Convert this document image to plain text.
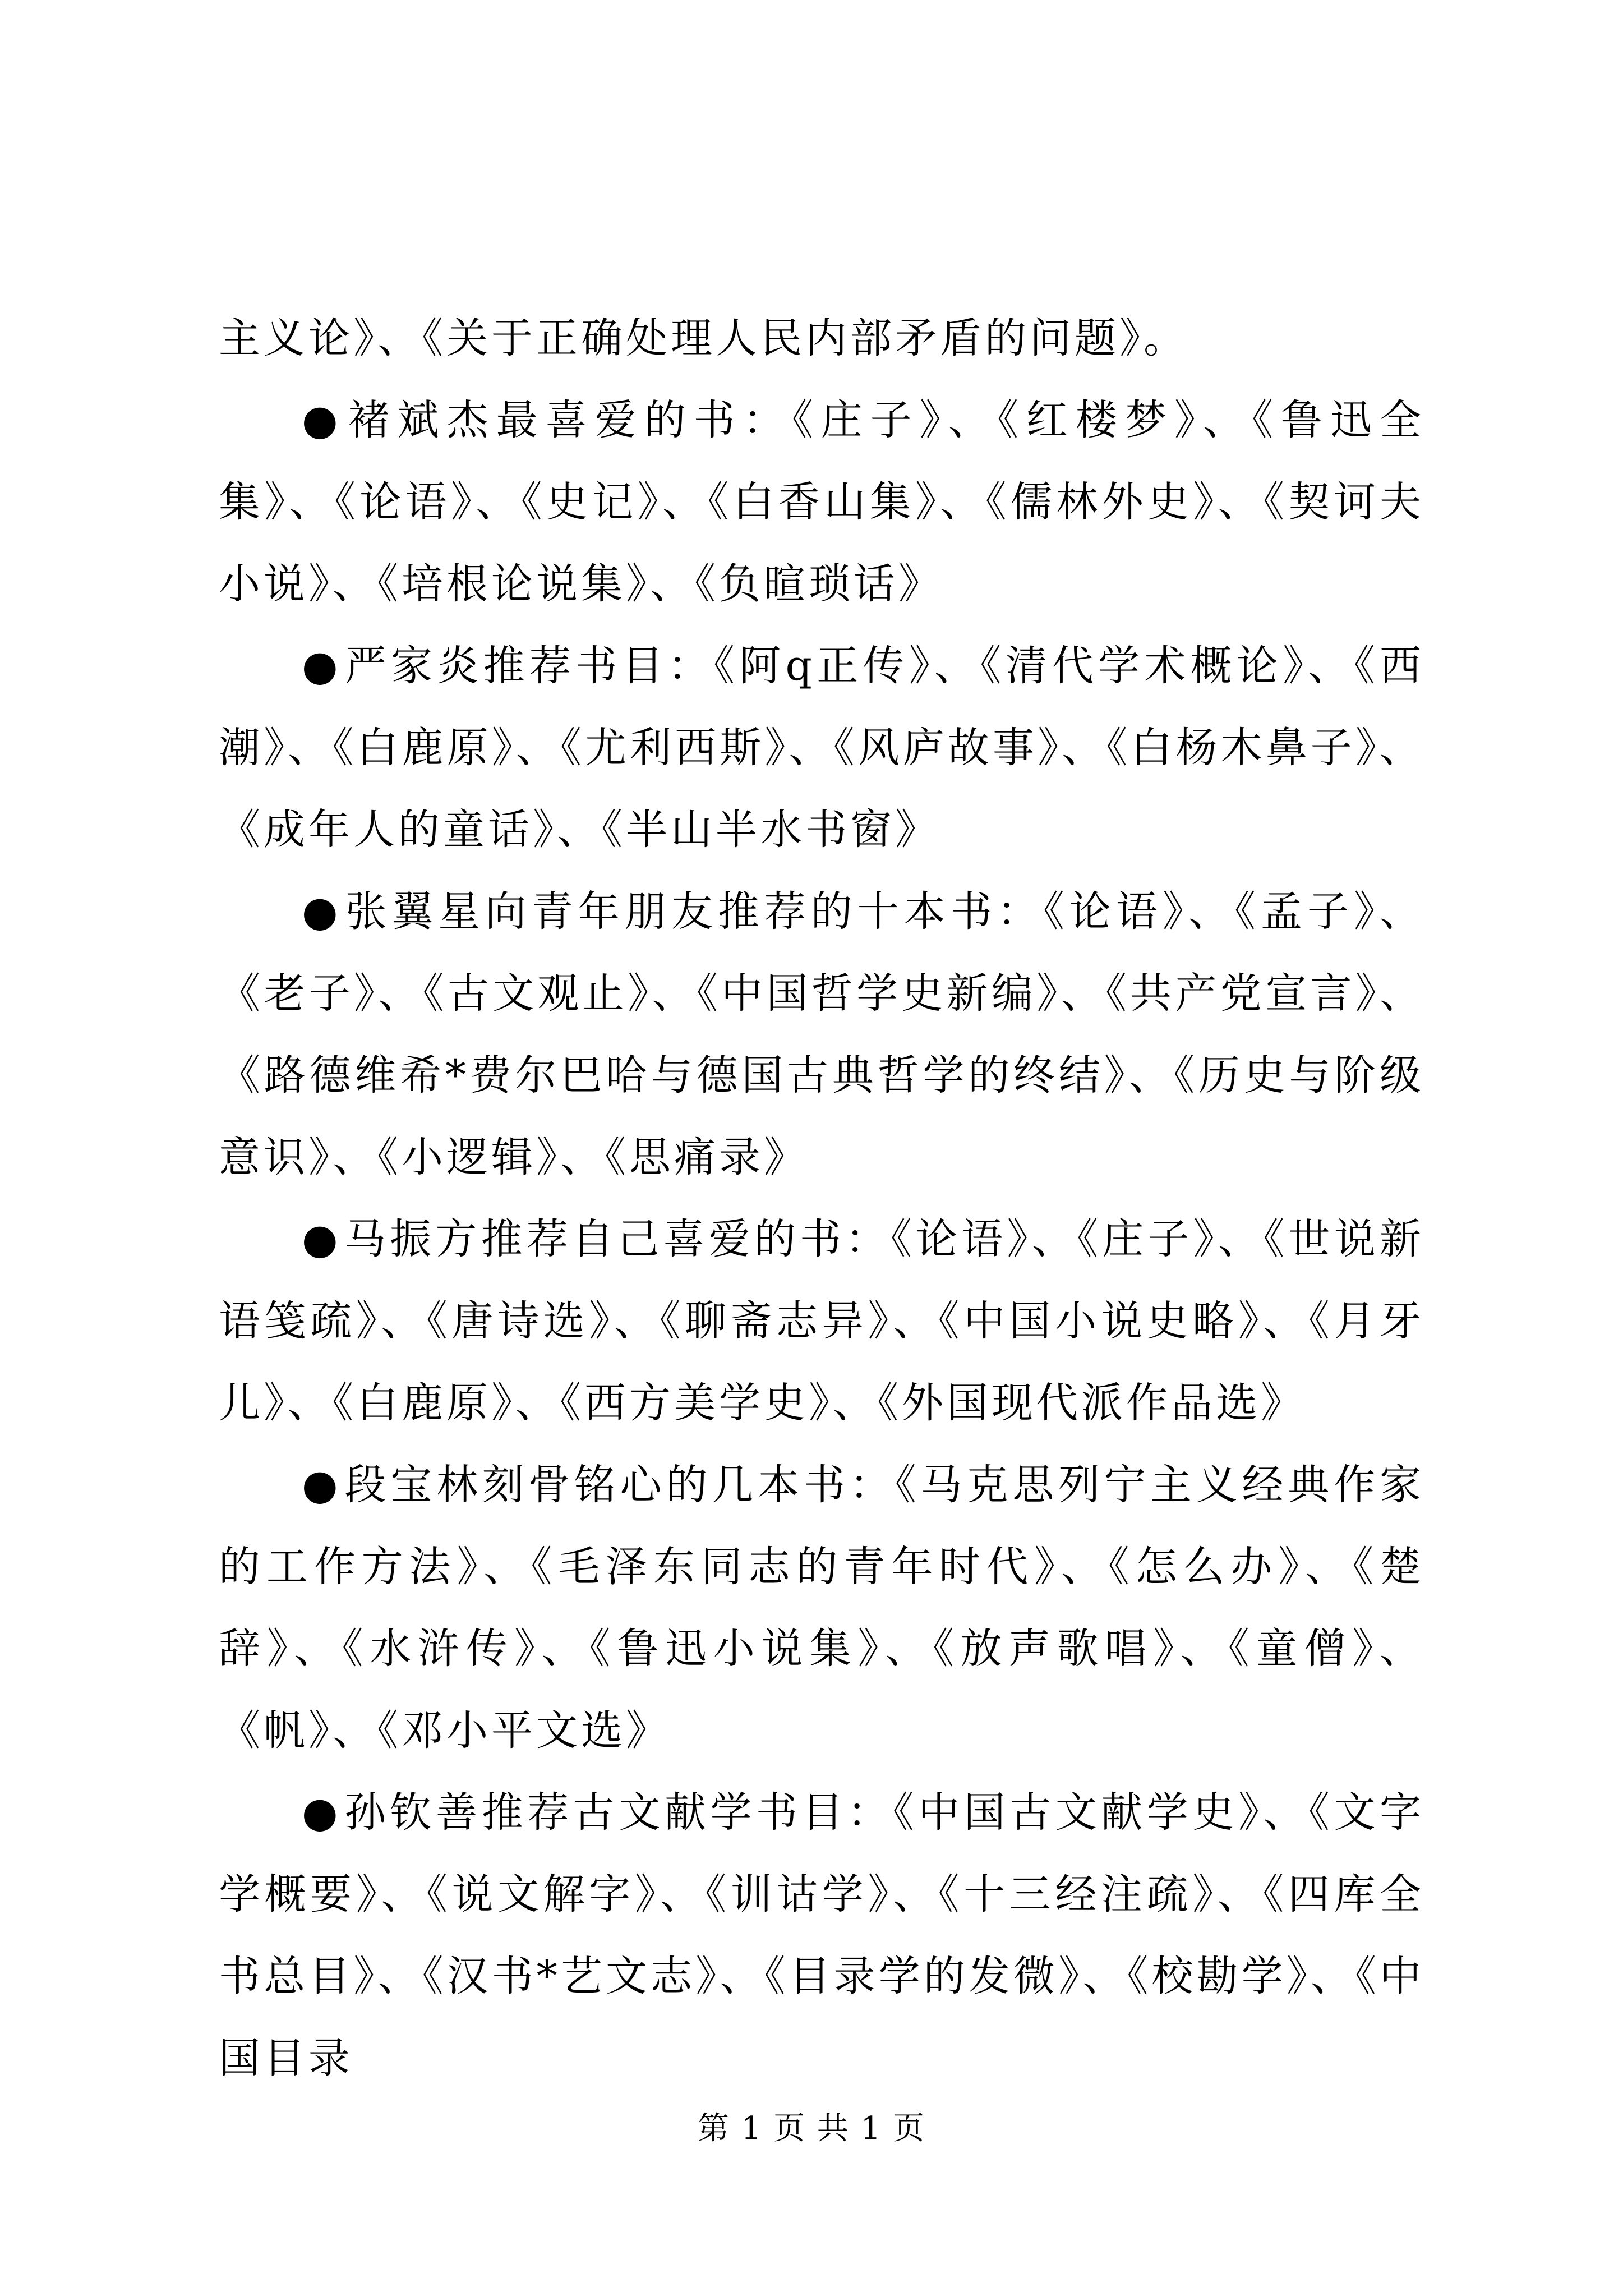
主义论》、《关于正确处理人民内部矛盾的问题》。

●褚斌杰最喜爱的书：《庄子》、《红楼梦》、《鲁迅全集》、《论语》、《史记》、《白香山集》、《儒林外史》、《契诃夫小说》、《培根论说集》、《负暄琐话》

●严家炎推荐书目：《阿q正传》、《清代学术概论》、《西潮》、《白鹿原》、《尤利西斯》、《风庐故事》、《白杨木鼻子》、《成年人的童话》、《半山半水书窗》

●张翼星向青年朋友推荐的十本书：《论语》、《孟子》、《老子》、《古文观止》、《中国哲学史新编》、《共产党宣言》、《路德维希*费尔巴哈与德国古典哲学的终结》、《历史与阶级意识》、《小逻辑》、《思痛录》

●马振方推荐自己喜爱的书：《论语》、《庄子》、《世说新语笺疏》、《唐诗选》、《聊斋志异》、《中国小说史略》、《月牙儿》、《白鹿原》、《西方美学史》、《外国现代派作品选》

●段宝林刻骨铭心的几本书：《马克思列宁主义经典作家的工作方法》、《毛泽东同志的青年时代》、《怎么办》、《楚辞》、《水浒传》、《鲁迅小说集》、《放声歌唱》、《童僧》、《帆》、《邓小平文选》

●孙钦善推荐古文献学书目：《中国古文献学史》、《文字学概要》、《说文解字》、《训诂学》、《十三经注疏》、《四库全书总目》、《汉书*艺文志》、《目录学的发微》、《校勘学》、《中国目录

第 1 页 共 1 页
